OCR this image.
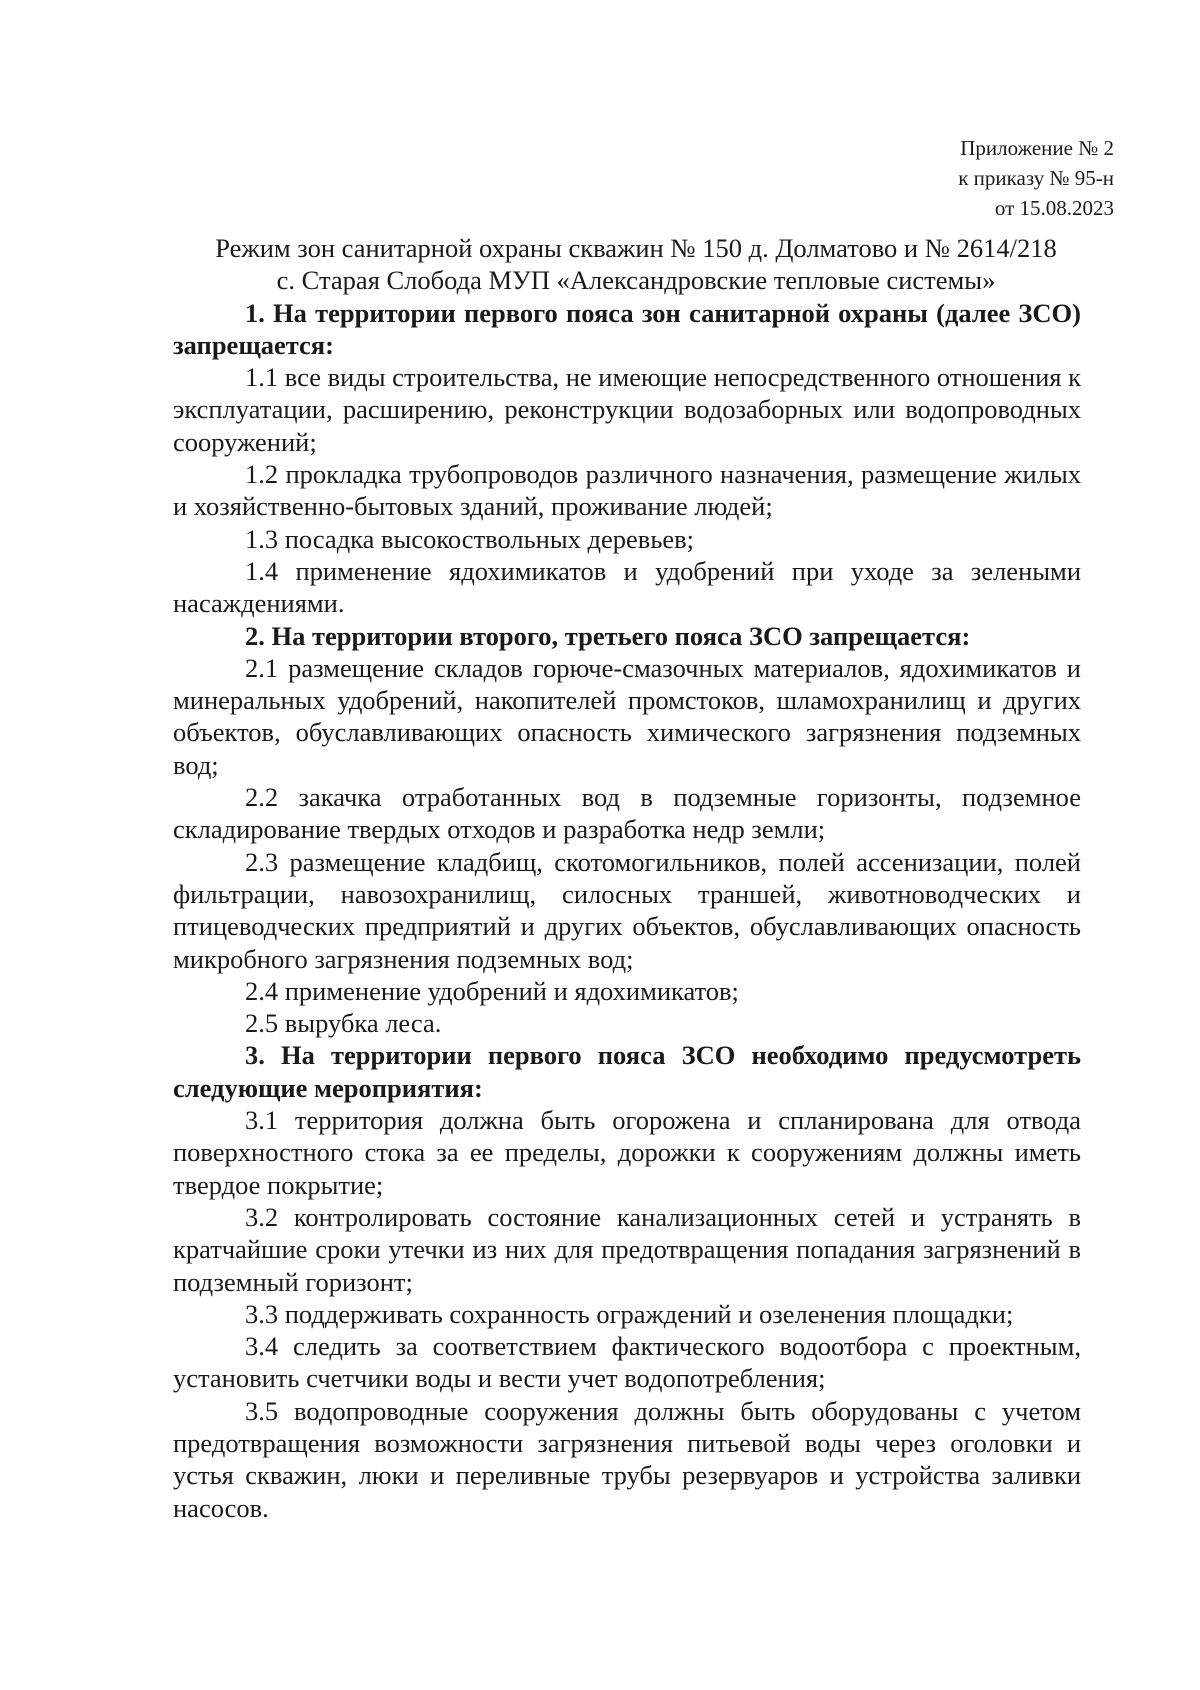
Приложение № 2
к приказу № 95-н
от 15.08.2023
Режим зон санитарной охраны скважин № 150 д. Долматово и № 2614/218
с. Старая Слобода МУП «Александровские тепловые системы»

1. На территории первого пояса зон санитарной охраны (далее ЗСО) запрещается:

1.1 все виды строительства, не имеющие непосредственного отношения к эксплуатации, расширению, реконструкции водозаборных или водопроводных сооружений;

1.2 прокладка трубопроводов различного назначения, размещение жилых и хозяйственно-бытовых зданий, проживание людей;

1.3 посадка высокоствольных деревьев;

1.4 применение ядохимикатов и удобрений при уходе за зелеными насаждениями.

2. На территории второго, третьего пояса ЗСО запрещается:

2.1 размещение складов горюче-смазочных материалов, ядохимикатов и минеральных удобрений, накопителей промстоков, шламохранилищ и других объектов, обуславливающих опасность химического загрязнения подземных вод;

2.2 закачка отработанных вод в подземные горизонты, подземное складирование твердых отходов и разработка недр земли;

2.3 размещение кладбищ, скотомогильников, полей ассенизации, полей фильтрации, навозохранилищ, силосных траншей, животноводческих и птицеводческих предприятий и других объектов, обуславливающих опасность микробного загрязнения подземных вод;

2.4 применение удобрений и ядохимикатов;

2.5 вырубка леса.

3. На территории первого пояса ЗСО необходимо предусмотреть следующие мероприятия:

3.1 территория должна быть огорожена и спланирована для отвода поверхностного стока за ее пределы, дорожки к сооружениям должны иметь твердое покрытие;

3.2 контролировать состояние канализационных сетей и устранять в кратчайшие сроки утечки из них для предотвращения попадания загрязнений в подземный горизонт;

3.3 поддерживать сохранность ограждений и озеленения площадки;

3.4 следить за соответствием фактического водоотбора с проектным, установить счетчики воды и вести учет водопотребления;

3.5 водопроводные сооружения должны быть оборудованы с учетом предотвращения возможности загрязнения питьевой воды через оголовки и устья скважин, люки и переливные трубы резервуаров и устройства заливки насосов.
